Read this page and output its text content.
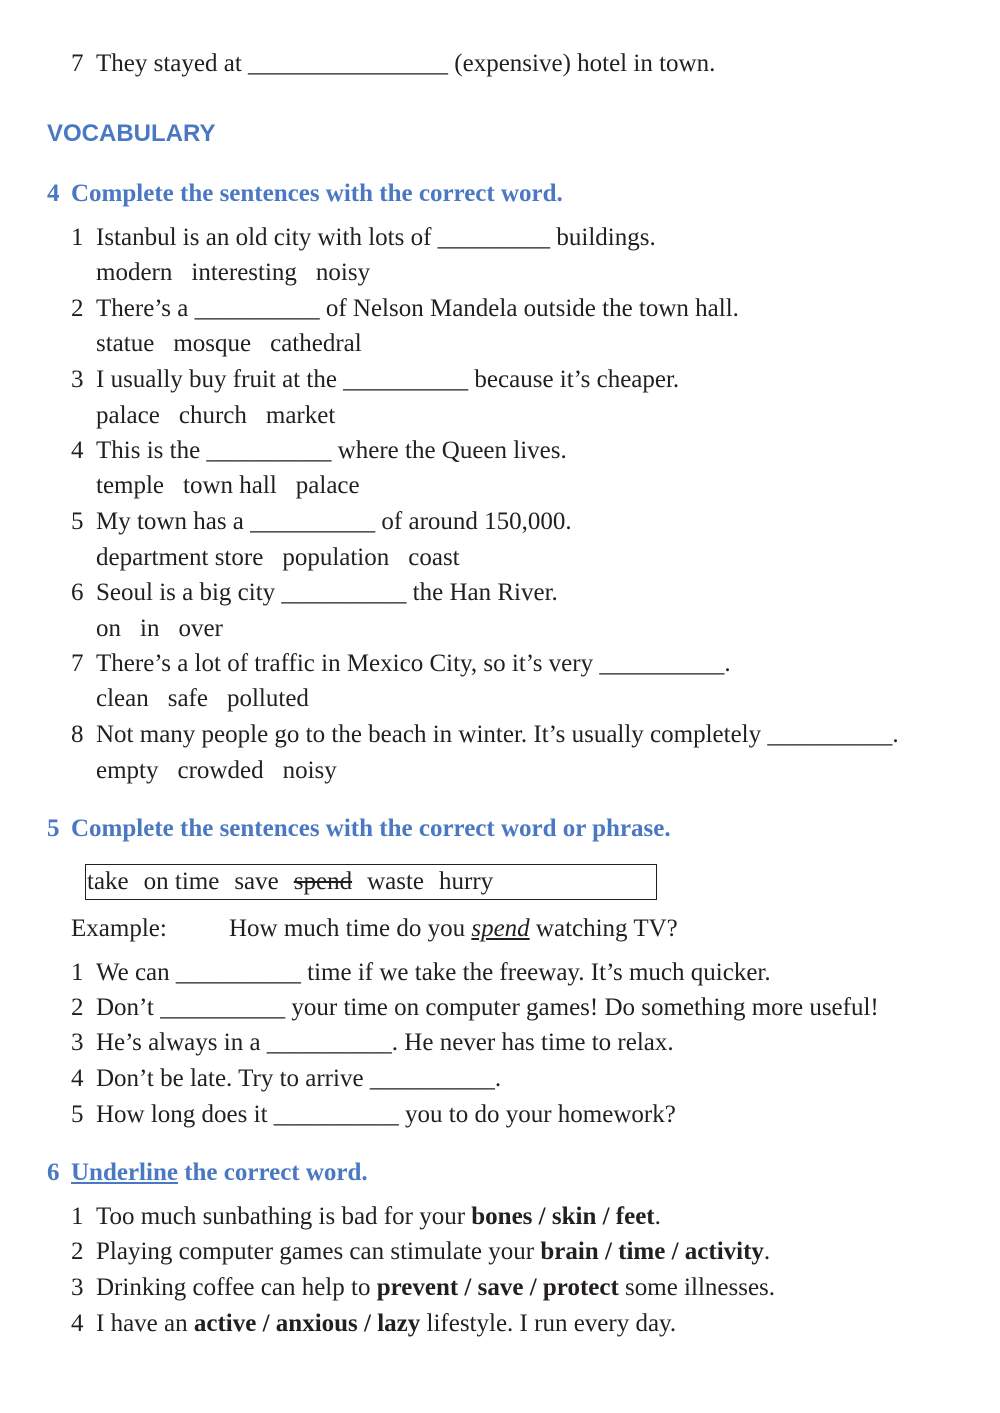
7 They stayed at ________________ (expensive) hotel in town.
VOCABULARY
4 Complete the sentences with the correct word.
1 Istanbul is an old city with lots of _________ buildings.
modern interesting noisy
2 There’s a __________ of Nelson Mandela outside the town hall.
statue mosque cathedral
3 I usually buy fruit at the __________ because it’s cheaper.
palace church market
4 This is the __________ where the Queen lives.
temple town hall palace
5 My town has a __________ of around 150,000.
department store population coast
6 Seoul is a big city __________ the Han River.
on in over
7 There’s a lot of traffic in Mexico City, so it’s very __________.
clean safe polluted
8 Not many people go to the beach in winter. It’s usually completely __________.
empty crowded noisy
5 Complete the sentences with the correct word or phrase.
take on time save spend waste hurry
Example: How much time do you spend watching TV?
1 We can __________ time if we take the freeway. It’s much quicker.
2 Don’t __________ your time on computer games! Do something more useful!
3 He’s always in a __________. He never has time to relax.
4 Don’t be late. Try to arrive __________.
5 How long does it __________ you to do your homework?
6 Underline the correct word.
1 Too much sunbathing is bad for your bones / skin / feet.
2 Playing computer games can stimulate your brain / time / activity.
3 Drinking coffee can help to prevent / save / protect some illnesses.
4 I have an active / anxious / lazy lifestyle. I run every day.
